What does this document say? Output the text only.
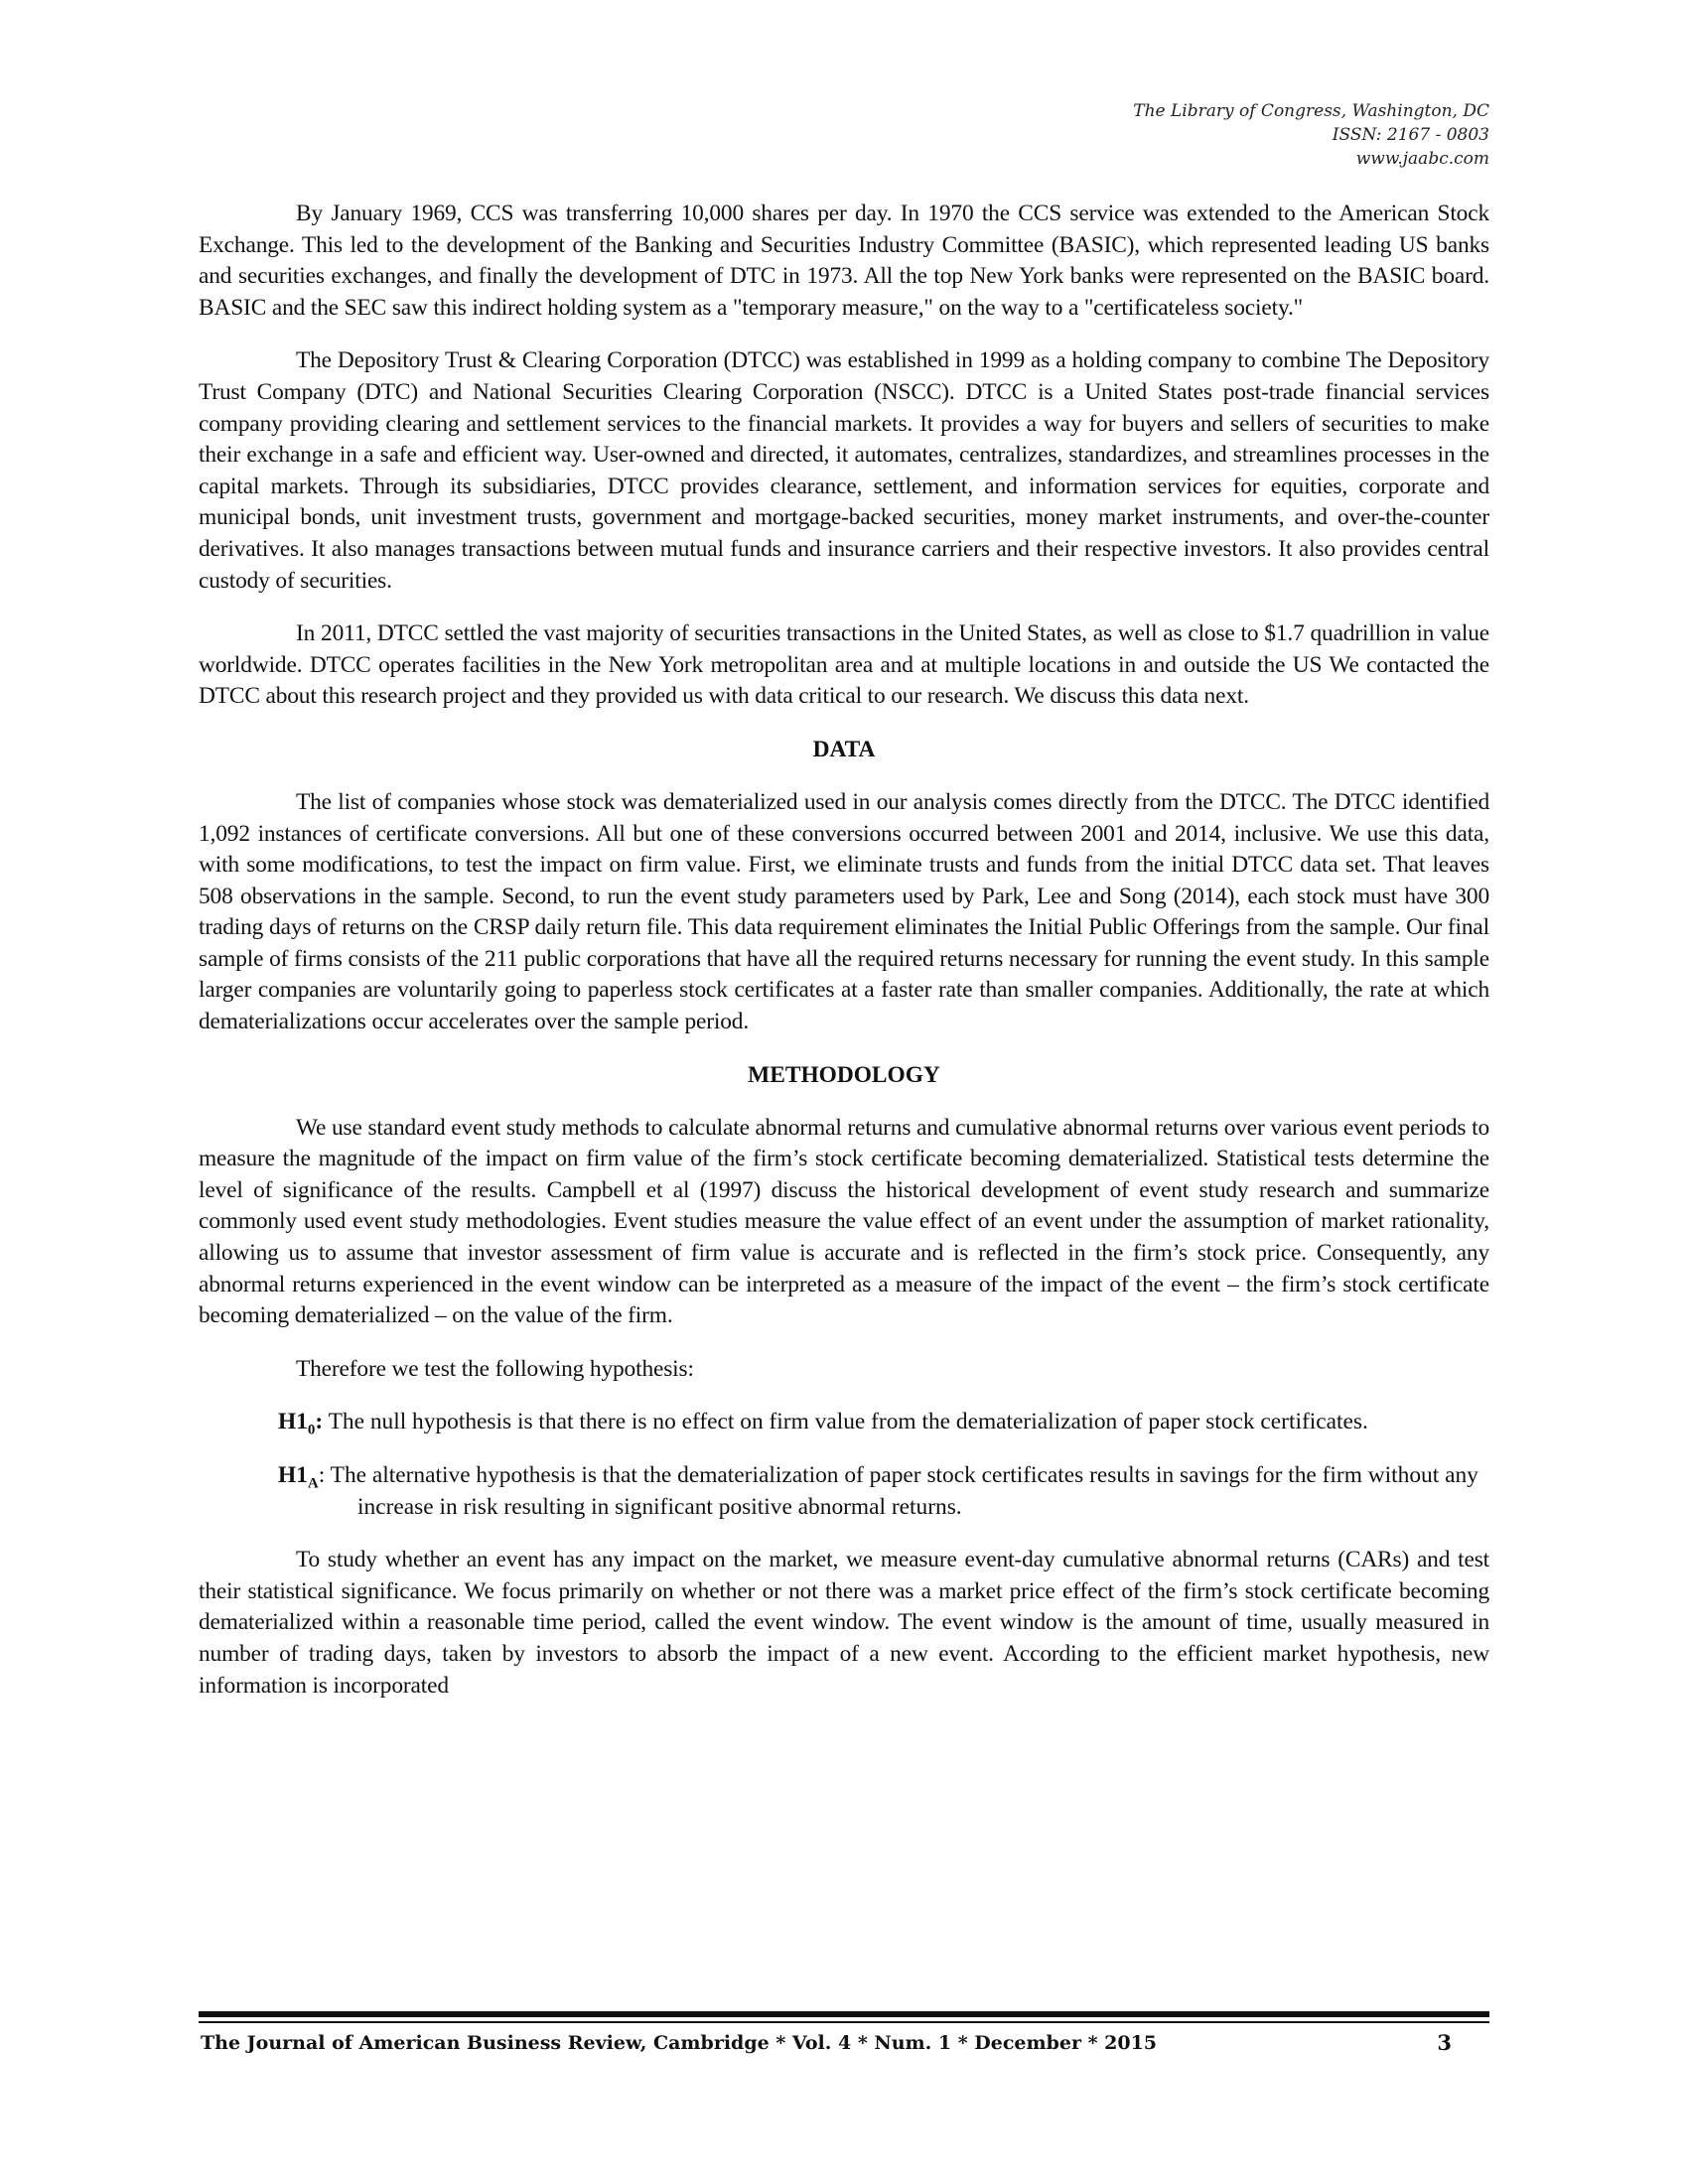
The Library of Congress, Washington, DC
ISSN: 2167 - 0803
www.jaabc.com

By January 1969, CCS was transferring 10,000 shares per day. In 1970 the CCS service was extended to the American Stock Exchange. This led to the development of the Banking and Securities Industry Committee (BASIC), which represented leading US banks and securities exchanges, and finally the development of DTC in 1973. All the top New York banks were represented on the BASIC board. BASIC and the SEC saw this indirect holding system as a "temporary measure," on the way to a "certificateless society."

The Depository Trust & Clearing Corporation (DTCC) was established in 1999 as a holding company to combine The Depository Trust Company (DTC) and National Securities Clearing Corporation (NSCC). DTCC is a United States post-trade financial services company providing clearing and settlement services to the financial markets. It provides a way for buyers and sellers of securities to make their exchange in a safe and efficient way. User-owned and directed, it automates, centralizes, standardizes, and streamlines processes in the capital markets. Through its subsidiaries, DTCC provides clearance, settlement, and information services for equities, corporate and municipal bonds, unit investment trusts, government and mortgage-backed securities, money market instruments, and over-the-counter derivatives. It also manages transactions between mutual funds and insurance carriers and their respective investors. It also provides central custody of securities.

In 2011, DTCC settled the vast majority of securities transactions in the United States, as well as close to $1.7 quadrillion in value worldwide. DTCC operates facilities in the New York metropolitan area and at multiple locations in and outside the US We contacted the DTCC about this research project and they provided us with data critical to our research. We discuss this data next.

DATA

The list of companies whose stock was dematerialized used in our analysis comes directly from the DTCC. The DTCC identified 1,092 instances of certificate conversions. All but one of these conversions occurred between 2001 and 2014, inclusive. We use this data, with some modifications, to test the impact on firm value. First, we eliminate trusts and funds from the initial DTCC data set. That leaves 508 observations in the sample. Second, to run the event study parameters used by Park, Lee and Song (2014), each stock must have 300 trading days of returns on the CRSP daily return file. This data requirement eliminates the Initial Public Offerings from the sample. Our final sample of firms consists of the 211 public corporations that have all the required returns necessary for running the event study. In this sample larger companies are voluntarily going to paperless stock certificates at a faster rate than smaller companies. Additionally, the rate at which dematerializations occur accelerates over the sample period.

METHODOLOGY

We use standard event study methods to calculate abnormal returns and cumulative abnormal returns over various event periods to measure the magnitude of the impact on firm value of the firm’s stock certificate becoming dematerialized. Statistical tests determine the level of significance of the results. Campbell et al (1997) discuss the historical development of event study research and summarize commonly used event study methodologies. Event studies measure the value effect of an event under the assumption of market rationality, allowing us to assume that investor assessment of firm value is accurate and is reflected in the firm’s stock price. Consequently, any abnormal returns experienced in the event window can be interpreted as a measure of the impact of the event – the firm’s stock certificate becoming dematerialized – on the value of the firm.

Therefore we test the following hypothesis:

$H1_0$: The null hypothesis is that there is no effect on firm value from the dematerialization of paper stock certificates.
$H1_A$: The alternative hypothesis is that the dematerialization of paper stock certificates results in savings for the firm without any increase in risk resulting in significant positive abnormal returns.

To study whether an event has any impact on the market, we measure event-day cumulative abnormal returns (CARs) and test their statistical significance. We focus primarily on whether or not there was a market price effect of the firm’s stock certificate becoming dematerialized within a reasonable time period, called the event window. The event window is the amount of time, usually measured in number of trading days, taken by investors to absorb the impact of a new event. According to the efficient market hypothesis, new information is incorporated

The Journal of American Business Review, Cambridge * Vol. 4 * Num. 1 * December * 2015	3
